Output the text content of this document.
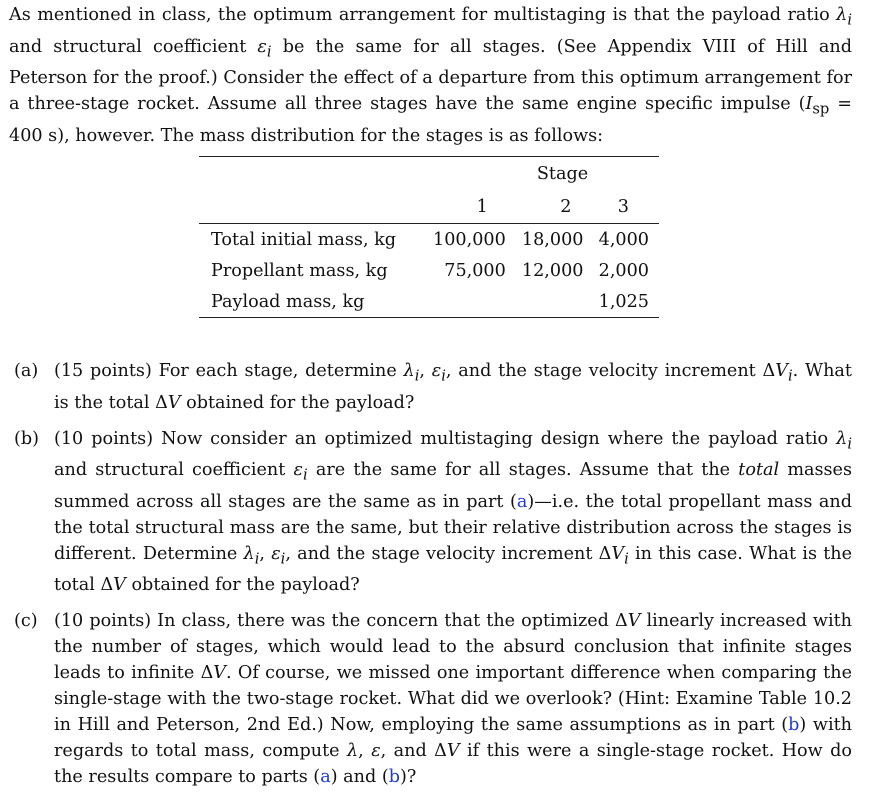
As mentioned in class, the optimum arrangement for multistaging is that the payload ratio $\lambda_i$ and structural coefficient $\varepsilon_i$ be the same for all stages. (See Appendix VIII of Hill and Peterson for the proof.) Consider the effect of a departure from this optimum arrangement for a three-stage rocket. Assume all three stages have the same engine specific impulse ($I_{sp} = 400$ s), however. The mass distribution for the stages is as follows:
	Stage		
	1	2	3

Total initial mass, kg	100,000	18,000	4,000
Propellant mass, kg	75,000	12,000	2,000
Payload mass, kg			1,025
(a) (15 points) For each stage, determine $\lambda_i$, $\varepsilon_i$, and the stage velocity increment $\Delta V_i$. What is the total ΔV obtained for the payload?
(b) (10 points) Now consider an optimized multistaging design where the payload ratio $\lambda_i$ and structural coefficient $\varepsilon_i$ are the same for all stages. Assume that the total masses summed across all stages are the same as in part (a)—i.e. the total propellant mass and the total structural mass are the same, but their relative distribution across the stages is different. Determine $\lambda_i$, $\varepsilon_i$, and the stage velocity increment $\Delta V_i$ in this case. What is the total ΔV obtained for the payload?
(c) (10 points) In class, there was the concern that the optimized ΔV linearly increased with the number of stages, which would lead to the absurd conclusion that infinite stages leads to infinite ΔV. Of course, we missed one important difference when comparing the single-stage with the two-stage rocket. What did we overlook? (Hint: Examine Table 10.2 in Hill and Peterson, 2nd Ed.) Now, employing the same assumptions as in part (b) with regards to total mass, compute λ, ε, and ΔV if this were a single-stage rocket. How do the results compare to parts (a) and (b)?
